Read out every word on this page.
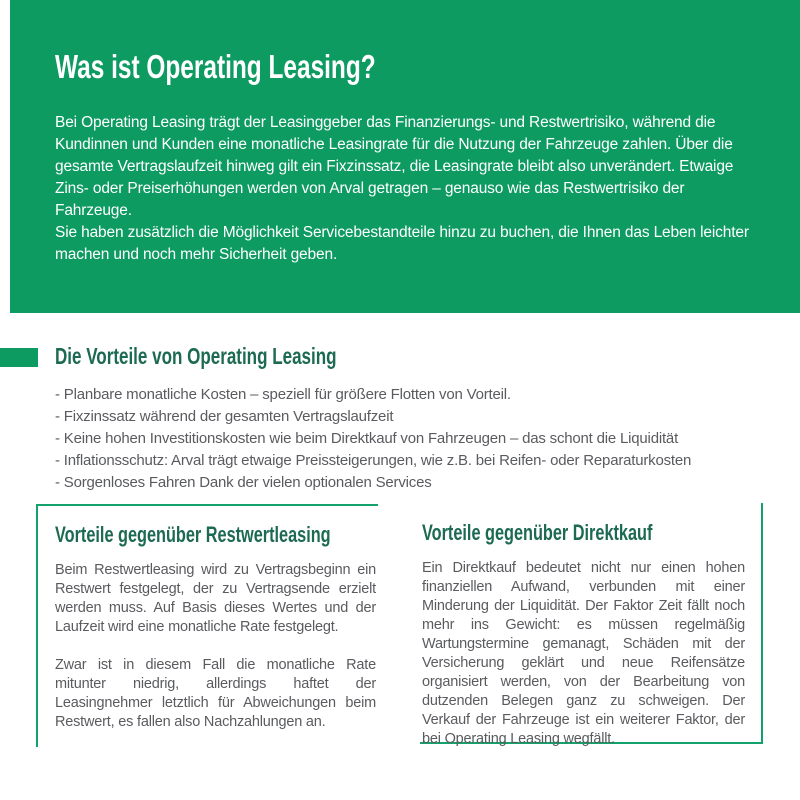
Was ist Operating Leasing?

Bei Operating Leasing trägt der Leasinggeber das Finanzierungs- und Restwertrisiko, während die Kundinnen und Kunden eine monatliche Leasingrate für die Nutzung der Fahrzeuge zahlen. Über die gesamte Vertragslaufzeit hinweg gilt ein Fixzinssatz, die Leasingrate bleibt also unverändert. Etwaige Zins- oder Preiserhöhungen werden von Arval getragen – genauso wie das Restwertrisiko der Fahrzeuge.

Sie haben zusätzlich die Möglichkeit Servicebestandteile hinzu zu buchen, die Ihnen das Leben leichter machen und noch mehr Sicherheit geben.

Die Vorteile von Operating Leasing
- Planbare monatliche Kosten – speziell für größere Flotten von Vorteil.
- Fixzinssatz während der gesamten Vertragslaufzeit
- Keine hohen Investitionskosten wie beim Direktkauf von Fahrzeugen – das schont die Liquidität
- Inflationsschutz: Arval trägt etwaige Preissteigerungen, wie z.B. bei Reifen- oder Reparaturkosten
- Sorgenloses Fahren Dank der vielen optionalen Services
Vorteile gegenüber Restwertleasing

Beim Restwertleasing wird zu Vertragsbeginn ein Restwert festgelegt, der zu Vertragsende erzielt werden muss. Auf Basis dieses Wertes und der Laufzeit wird eine monatliche Rate festgelegt.

Zwar ist in diesem Fall die monatliche Rate mitunter niedrig, allerdings haftet der Leasingnehmer letztlich für Abweichungen beim Restwert, es fallen also Nachzahlungen an.

Vorteile gegenüber Direktkauf

Ein Direktkauf bedeutet nicht nur einen hohen finanziellen Aufwand, verbunden mit einer Minderung der Liquidität. Der Faktor Zeit fällt noch mehr ins Gewicht: es müssen regelmäßig Wartungstermine gemanagt, Schäden mit der Versicherung geklärt und neue Reifensätze organisiert werden, von der Bearbeitung von dutzenden Belegen ganz zu schweigen. Der Verkauf der Fahrzeuge ist ein weiterer Faktor, der bei Operating Leasing wegfällt.
